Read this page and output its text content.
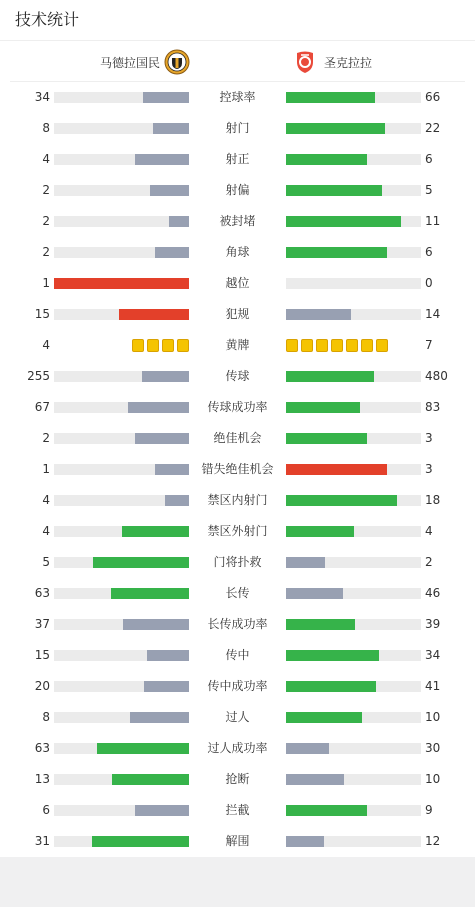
技术统计
马德拉国民	圣克拉拉
34	控球率	66
8	射门	22
4	射正	6
2	射偏	5
2	被封堵	11
2	角球	6
1	越位	0
15	犯规	14
4	黄牌	7
255	传球	480
67	传球成功率	83
2	绝佳机会	3
1	错失绝佳机会	3
4	禁区内射门	18
4	禁区外射门	4
5	门将扑救	2
63	长传	46
37	长传成功率	39
15	传中	34
20	传中成功率	41
8	过人	10
63	过人成功率	30
13	抢断	10
6	拦截	9
31	解围	12
